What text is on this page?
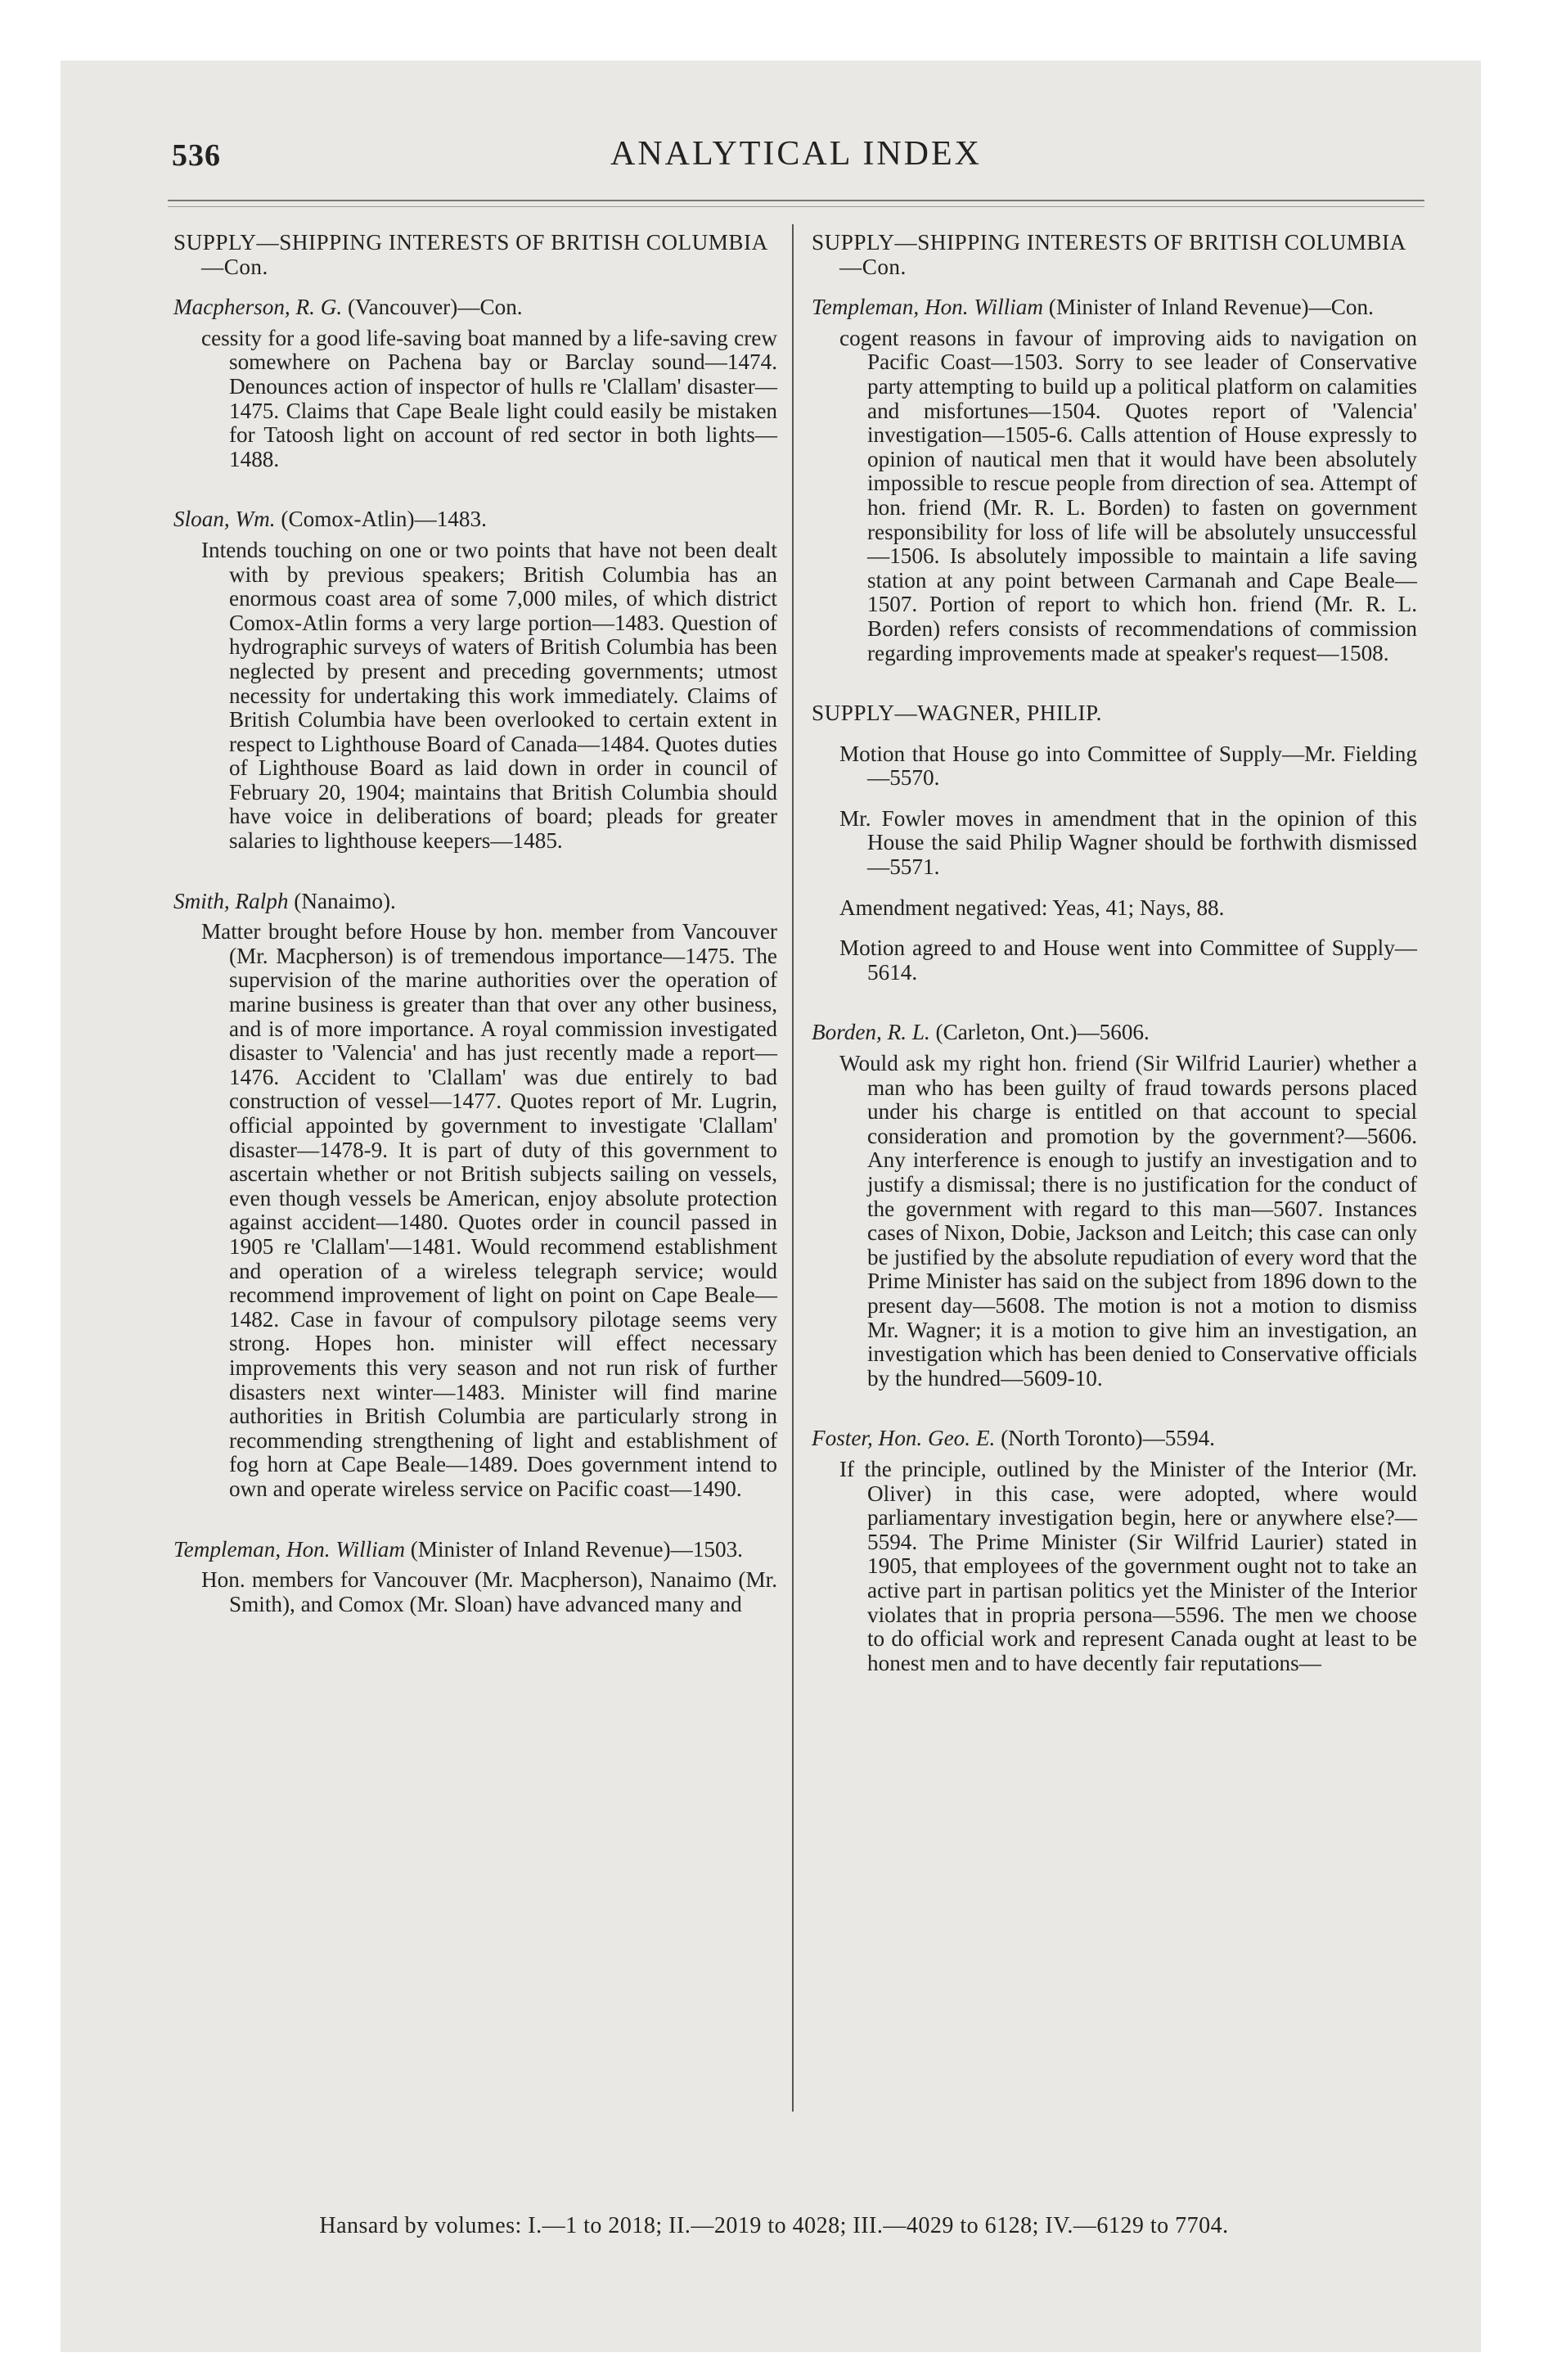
536	ANALYTICAL INDEX

SUPPLY—SHIPPING INTERESTS OF BRITISH COLUMBIA—Con.

Macpherson, R. G. (Vancouver)—Con.

cessity for a good life-saving boat manned by a life-saving crew somewhere on Pachena bay or Barclay sound—1474. Denounces action of inspector of hulls re 'Clallam' disaster—1475. Claims that Cape Beale light could easily be mistaken for Tatoosh light on account of red sector in both lights—1488.

Sloan, Wm. (Comox-Atlin)—1483.

Intends touching on one or two points that have not been dealt with by previous speakers; British Columbia has an enormous coast area of some 7,000 miles, of which district Comox-Atlin forms a very large portion—1483. Question of hydrographic surveys of waters of British Columbia has been neglected by present and preceding governments; utmost necessity for undertaking this work immediately. Claims of British Columbia have been overlooked to certain extent in respect to Lighthouse Board of Canada—1484. Quotes duties of Lighthouse Board as laid down in order in council of February 20, 1904; maintains that British Columbia should have voice in deliberations of board; pleads for greater salaries to lighthouse keepers—1485.

Smith, Ralph (Nanaimo).

Matter brought before House by hon. member from Vancouver (Mr. Macpherson) is of tremendous importance—1475. The supervision of the marine authorities over the operation of marine business is greater than that over any other business, and is of more importance. A royal commission investigated disaster to 'Valencia' and has just recently made a report—1476. Accident to 'Clallam' was due entirely to bad construction of vessel—1477. Quotes report of Mr. Lugrin, official appointed by government to investigate 'Clallam' disaster—1478-9. It is part of duty of this government to ascertain whether or not British subjects sailing on vessels, even though vessels be American, enjoy absolute protection against accident—1480. Quotes order in council passed in 1905 re 'Clallam'—1481. Would recommend establishment and operation of a wireless telegraph service; would recommend improvement of light on point on Cape Beale—1482. Case in favour of compulsory pilotage seems very strong. Hopes hon. minister will effect necessary improvements this very season and not run risk of further disasters next winter—1483. Minister will find marine authorities in British Columbia are particularly strong in recommending strengthening of light and establishment of fog horn at Cape Beale—1489. Does government intend to own and operate wireless service on Pacific coast—1490.

Templeman, Hon. William (Minister of Inland Revenue)—1503.

Hon. members for Vancouver (Mr. Macpherson), Nanaimo (Mr. Smith), and Comox (Mr. Sloan) have advanced many and

SUPPLY—SHIPPING INTERESTS OF BRITISH COLUMBIA—Con.

Templeman, Hon. William (Minister of Inland Revenue)—Con.

cogent reasons in favour of improving aids to navigation on Pacific Coast—1503. Sorry to see leader of Conservative party attempting to build up a political platform on calamities and misfortunes—1504. Quotes report of 'Valencia' investigation—1505-6. Calls attention of House expressly to opinion of nautical men that it would have been absolutely impossible to rescue people from direction of sea. Attempt of hon. friend (Mr. R. L. Borden) to fasten on government responsibility for loss of life will be absolutely unsuccessful—1506. Is absolutely impossible to maintain a life saving station at any point between Carmanah and Cape Beale—1507. Portion of report to which hon. friend (Mr. R. L. Borden) refers consists of recommendations of commission regarding improvements made at speaker's request—1508.

SUPPLY—WAGNER, PHILIP.

Motion that House go into Committee of Supply—Mr. Fielding—5570.

Mr. Fowler moves in amendment that in the opinion of this House the said Philip Wagner should be forthwith dismissed—5571.

Amendment negatived: Yeas, 41; Nays, 88.

Motion agreed to and House went into Committee of Supply—5614.

Borden, R. L. (Carleton, Ont.)—5606.

Would ask my right hon. friend (Sir Wilfrid Laurier) whether a man who has been guilty of fraud towards persons placed under his charge is entitled on that account to special consideration and promotion by the government?—5606. Any interference is enough to justify an investigation and to justify a dismissal; there is no justification for the conduct of the government with regard to this man—5607. Instances cases of Nixon, Dobie, Jackson and Leitch; this case can only be justified by the absolute repudiation of every word that the Prime Minister has said on the subject from 1896 down to the present day—5608. The motion is not a motion to dismiss Mr. Wagner; it is a motion to give him an investigation, an investigation which has been denied to Conservative officials by the hundred—5609-10.

Foster, Hon. Geo. E. (North Toronto)—5594.

If the principle, outlined by the Minister of the Interior (Mr. Oliver) in this case, were adopted, where would parliamentary investigation begin, here or anywhere else?—5594. The Prime Minister (Sir Wilfrid Laurier) stated in 1905, that employees of the government ought not to take an active part in partisan politics yet the Minister of the Interior violates that in propria persona—5596. The men we choose to do official work and represent Canada ought at least to be honest men and to have decently fair reputations—

Hansard by volumes: I.—1 to 2018; II.—2019 to 4028; III.—4029 to 6128; IV.—6129 to 7704.
